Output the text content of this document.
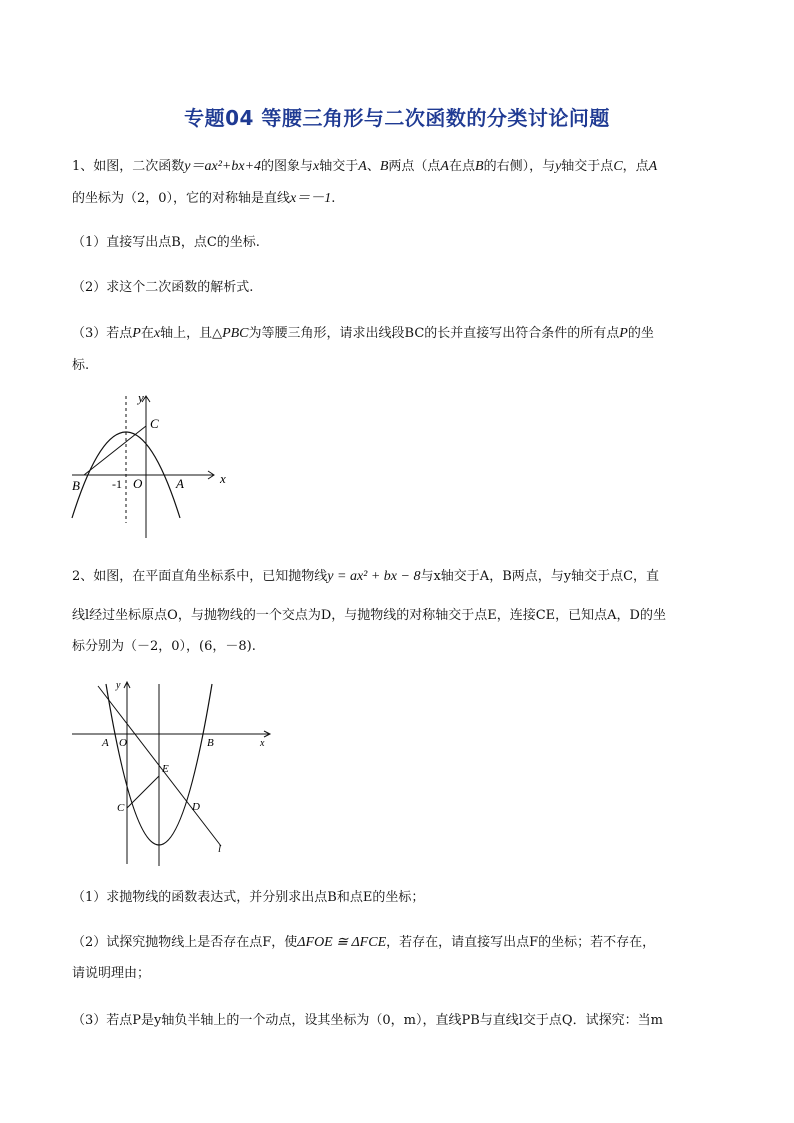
专题04 等腰三角形与二次函数的分类讨论问题
1、如图，二次函数y＝ax²+bx+4的图象与x轴交于A、B两点（点A在点B的右侧），与y轴交于点C，点A
的坐标为（2，0），它的对称轴是直线x＝－1.
（1）直接写出点B，点C的坐标.
（2）求这个二次函数的解析式.
（3）若点P在x轴上，且△PBC为等腰三角形，请求出线段BC的长并直接写出符合条件的所有点P的坐
标.
y
x
C
B	-1 O	A
2、如图，在平面直角坐标系中，已知抛物线y = ax² + bx − 8与x轴交于A，B两点，与y轴交于点C，直
线l经过坐标原点O，与抛物线的一个交点为D，与抛物线的对称轴交于点E，连接CE，已知点A，D的坐
标分别为（－2，0），(6，－8).
y
x
A O	B
E
C	D
l
（1）求抛物线的函数表达式，并分别求出点B和点E的坐标；
（2）试探究抛物线上是否存在点F，使ΔFOE ≅ ΔFCE，若存在，请直接写出点F的坐标；若不存在，
请说明理由；
（3）若点P是y轴负半轴上的一个动点，设其坐标为（0，m），直线PB与直线l交于点Q．试探究：当m
